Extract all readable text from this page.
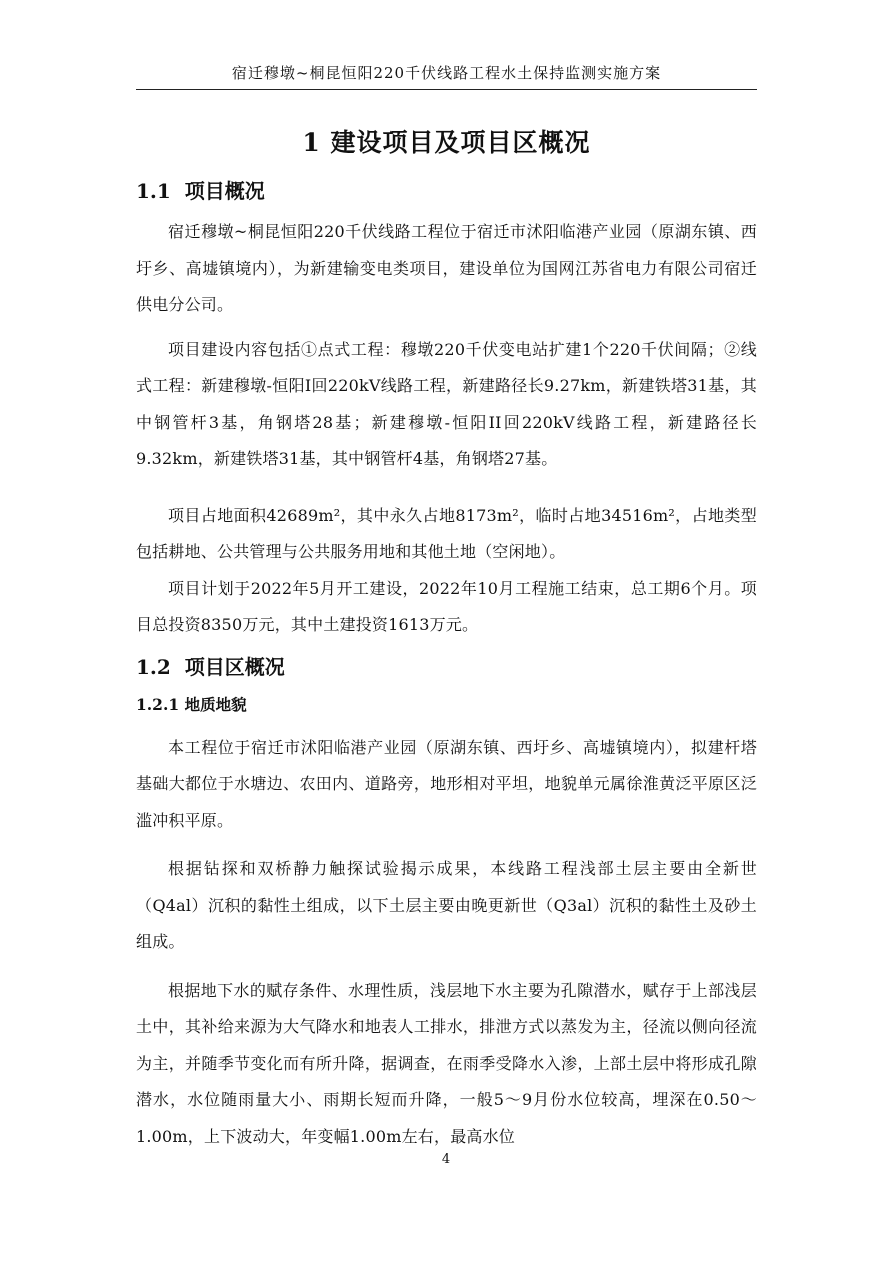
宿迁穆墩~桐昆恒阳220千伏线路工程水土保持监测实施方案
1 建设项目及项目区概况
1.1 项目概况

宿迁穆墩~桐昆恒阳220千伏线路工程位于宿迁市沭阳临港产业园（原湖东镇、西圩乡、高墟镇境内），为新建输变电类项目，建设单位为国网江苏省电力有限公司宿迁供电分公司。

项目建设内容包括①点式工程：穆墩220千伏变电站扩建1个220千伏间隔；②线式工程：新建穆墩-恒阳I回220kV线路工程，新建路径长9.27km，新建铁塔31基，其中钢管杆3基，角钢塔28基；新建穆墩-恒阳II回220kV线路工程，新建路径长9.32km，新建铁塔31基，其中钢管杆4基，角钢塔27基。

项目占地面积42689m²，其中永久占地8173m²，临时占地34516m²，占地类型包括耕地、公共管理与公共服务用地和其他土地（空闲地）。

项目计划于2022年5月开工建设，2022年10月工程施工结束，总工期6个月。项目总投资8350万元，其中土建投资1613万元。

1.2 项目区概况
1.2.1 地质地貌

本工程位于宿迁市沭阳临港产业园（原湖东镇、西圩乡、高墟镇境内），拟建杆塔基础大都位于水塘边、农田内、道路旁，地形相对平坦，地貌单元属徐淮黄泛平原区泛滥冲积平原。

根据钻探和双桥静力触探试验揭示成果，本线路工程浅部土层主要由全新世（Q4al）沉积的黏性土组成，以下土层主要由晚更新世（Q3al）沉积的黏性土及砂土组成。

根据地下水的赋存条件、水理性质，浅层地下水主要为孔隙潜水，赋存于上部浅层土中，其补给来源为大气降水和地表人工排水，排泄方式以蒸发为主，径流以侧向径流为主，并随季节变化而有所升降，据调查，在雨季受降水入渗，上部土层中将形成孔隙潜水，水位随雨量大小、雨期长短而升降，一般5～9月份水位较高，埋深在0.50～1.00m，上下波动大，年变幅1.00m左右，最高水位

4
